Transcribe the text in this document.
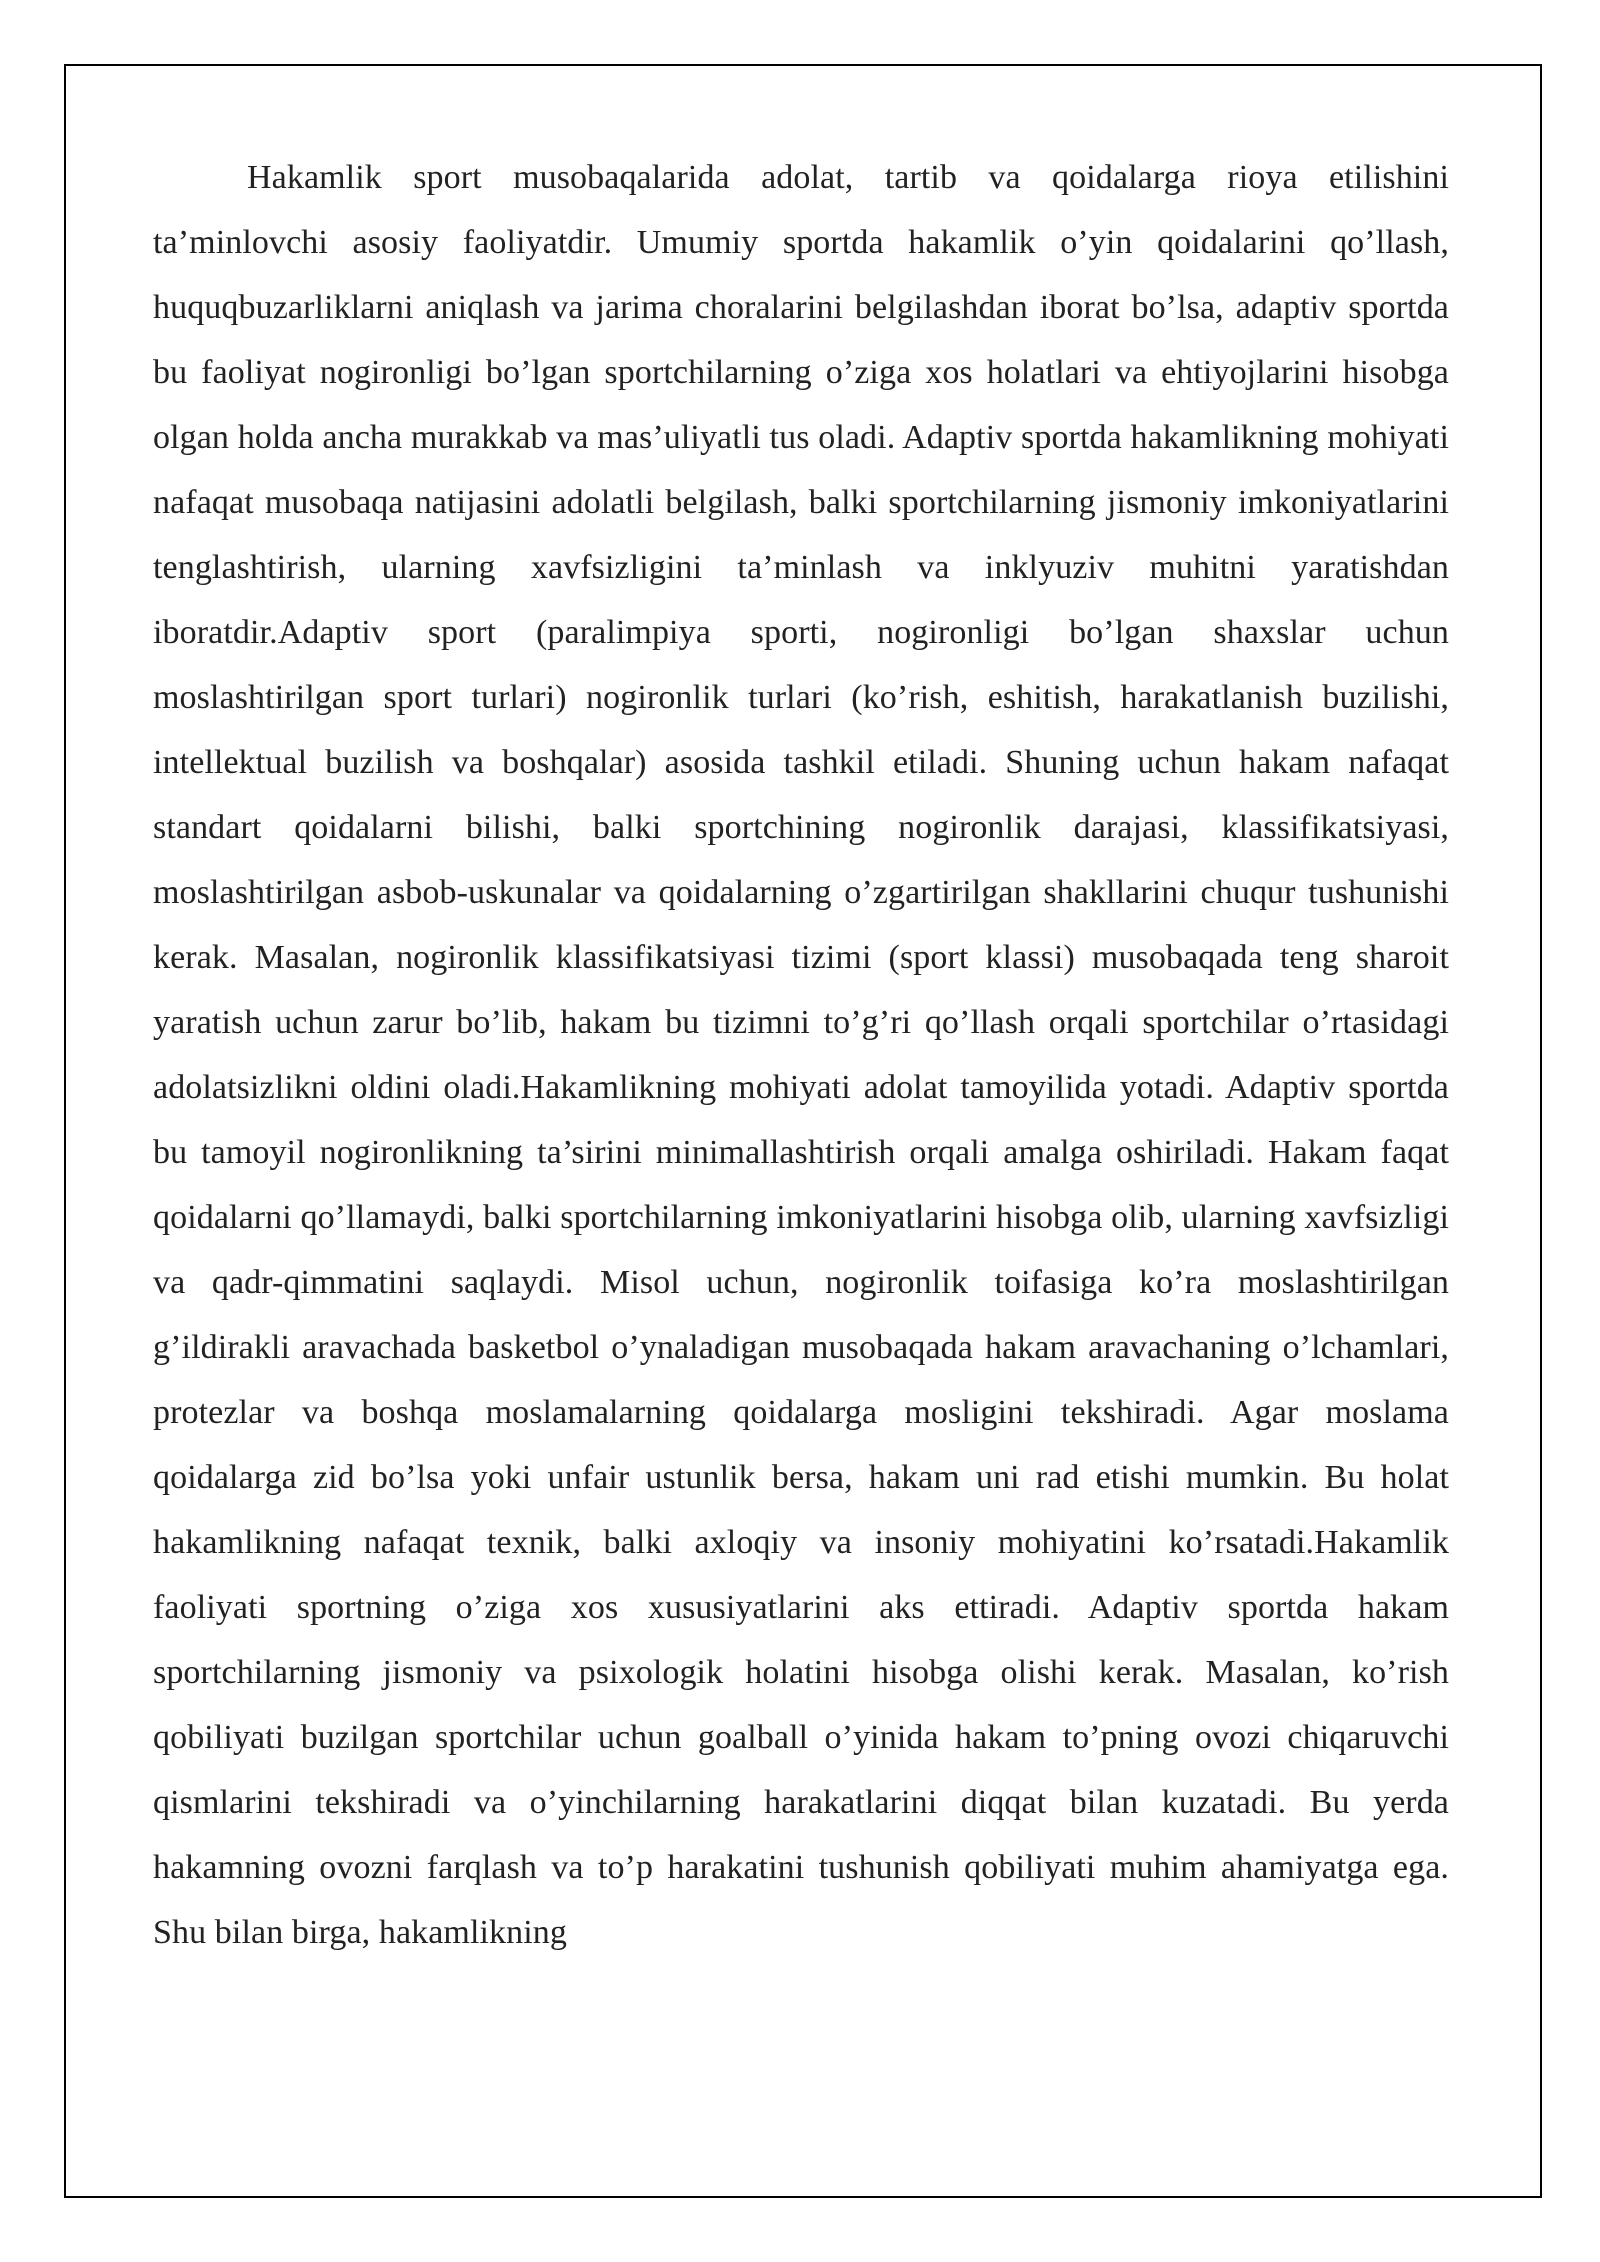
Hakamlik sport musobaqalarida adolat, tartib va qoidalarga rioya etilishini ta’minlovchi asosiy faoliyatdir. Umumiy sportda hakamlik o’yin qoidalarini qo’llash, huquqbuzarliklarni aniqlash va jarima choralarini belgilashdan iborat bo’lsa, adaptiv sportda bu faoliyat nogironligi bo’lgan sportchilarning o’ziga xos holatlari va ehtiyojlarini hisobga olgan holda ancha murakkab va mas’uliyatli tus oladi. Adaptiv sportda hakamlikning mohiyati nafaqat musobaqa natijasini adolatli belgilash, balki sportchilarning jismoniy imkoniyatlarini tenglashtirish, ularning xavfsizligini ta’minlash va inklyuziv muhitni yaratishdan iboratdir.Adaptiv sport (paralimpiya sporti, nogironligi bo’lgan shaxslar uchun moslashtirilgan sport turlari) nogironlik turlari (ko’rish, eshitish, harakatlanish buzilishi, intellektual buzilish va boshqalar) asosida tashkil etiladi. Shuning uchun hakam nafaqat standart qoidalarni bilishi, balki sportchining nogironlik darajasi, klassifikatsiyasi, moslashtirilgan asbob-uskunalar va qoidalarning o’zgartirilgan shakllarini chuqur tushunishi kerak. Masalan, nogironlik klassifikatsiyasi tizimi (sport klassi) musobaqada teng sharoit yaratish uchun zarur bo’lib, hakam bu tizimni to’g’ri qo’llash orqali sportchilar o’rtasidagi adolatsizlikni oldini oladi.Hakamlikning mohiyati adolat tamoyilida yotadi. Adaptiv sportda bu tamoyil nogironlikning ta’sirini minimallashtirish orqali amalga oshiriladi. Hakam faqat qoidalarni qo’llamaydi, balki sportchilarning imkoniyatlarini hisobga olib, ularning xavfsizligi va qadr-qimmatini saqlaydi. Misol uchun, nogironlik toifasiga ko’ra moslashtirilgan g’ildirakli aravachada basketbol o’ynaladigan musobaqada hakam aravachaning o’lchamlari, protezlar va boshqa moslamalarning qoidalarga mosligini tekshiradi. Agar moslama qoidalarga zid bo’lsa yoki unfair ustunlik bersa, hakam uni rad etishi mumkin. Bu holat hakamlikning nafaqat texnik, balki axloqiy va insoniy mohiyatini ko’rsatadi.Hakamlik faoliyati sportning o’ziga xos xususiyatlarini aks ettiradi. Adaptiv sportda hakam sportchilarning jismoniy va psixologik holatini hisobga olishi kerak. Masalan, ko’rish qobiliyati buzilgan sportchilar uchun goalball o’yinida hakam to’pning ovozi chiqaruvchi qismlarini tekshiradi va o’yinchilarning harakatlarini diqqat bilan kuzatadi. Bu yerda hakamning ovozni farqlash va to’p harakatini tushunish qobiliyati muhim ahamiyatga ega. Shu bilan birga, hakamlikning
